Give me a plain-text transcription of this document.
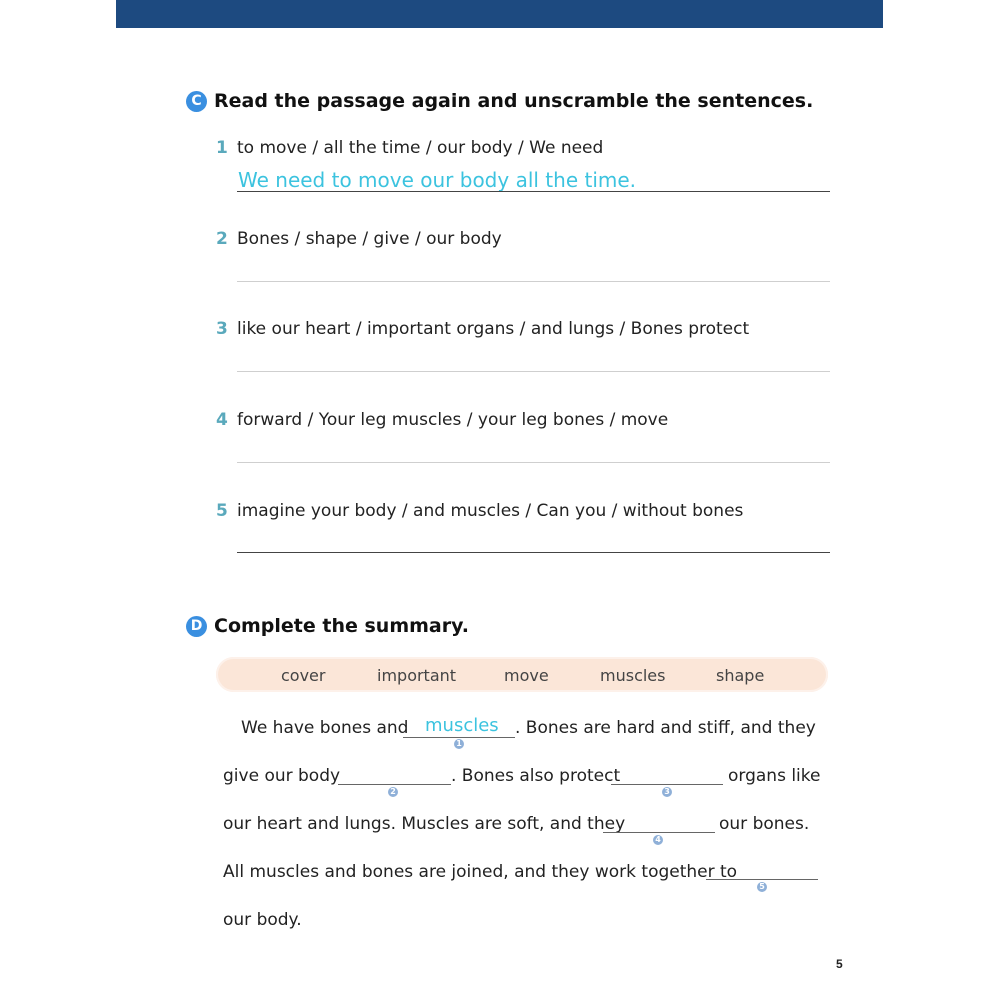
C Read the passage again and unscramble the sentences.
1 to move / all the time / our body / We need
We need to move our body all the time.
2 Bones / shape / give / our body
3 like our heart / important organs / and lungs / Bones protect
4 forward / Your leg muscles / your leg bones / move
5 imagine your body / and muscles / Can you / without bones
D Complete the summary.
cover	important	move	muscles	shape
We have bones and muscles
1
. Bones are hard and stiff, and they
give our body
2
. Bones also protect
3
organs like
our heart and lungs. Muscles are soft, and they
4
our bones.
All muscles and bones are joined, and they work together to
5
our body.
5
